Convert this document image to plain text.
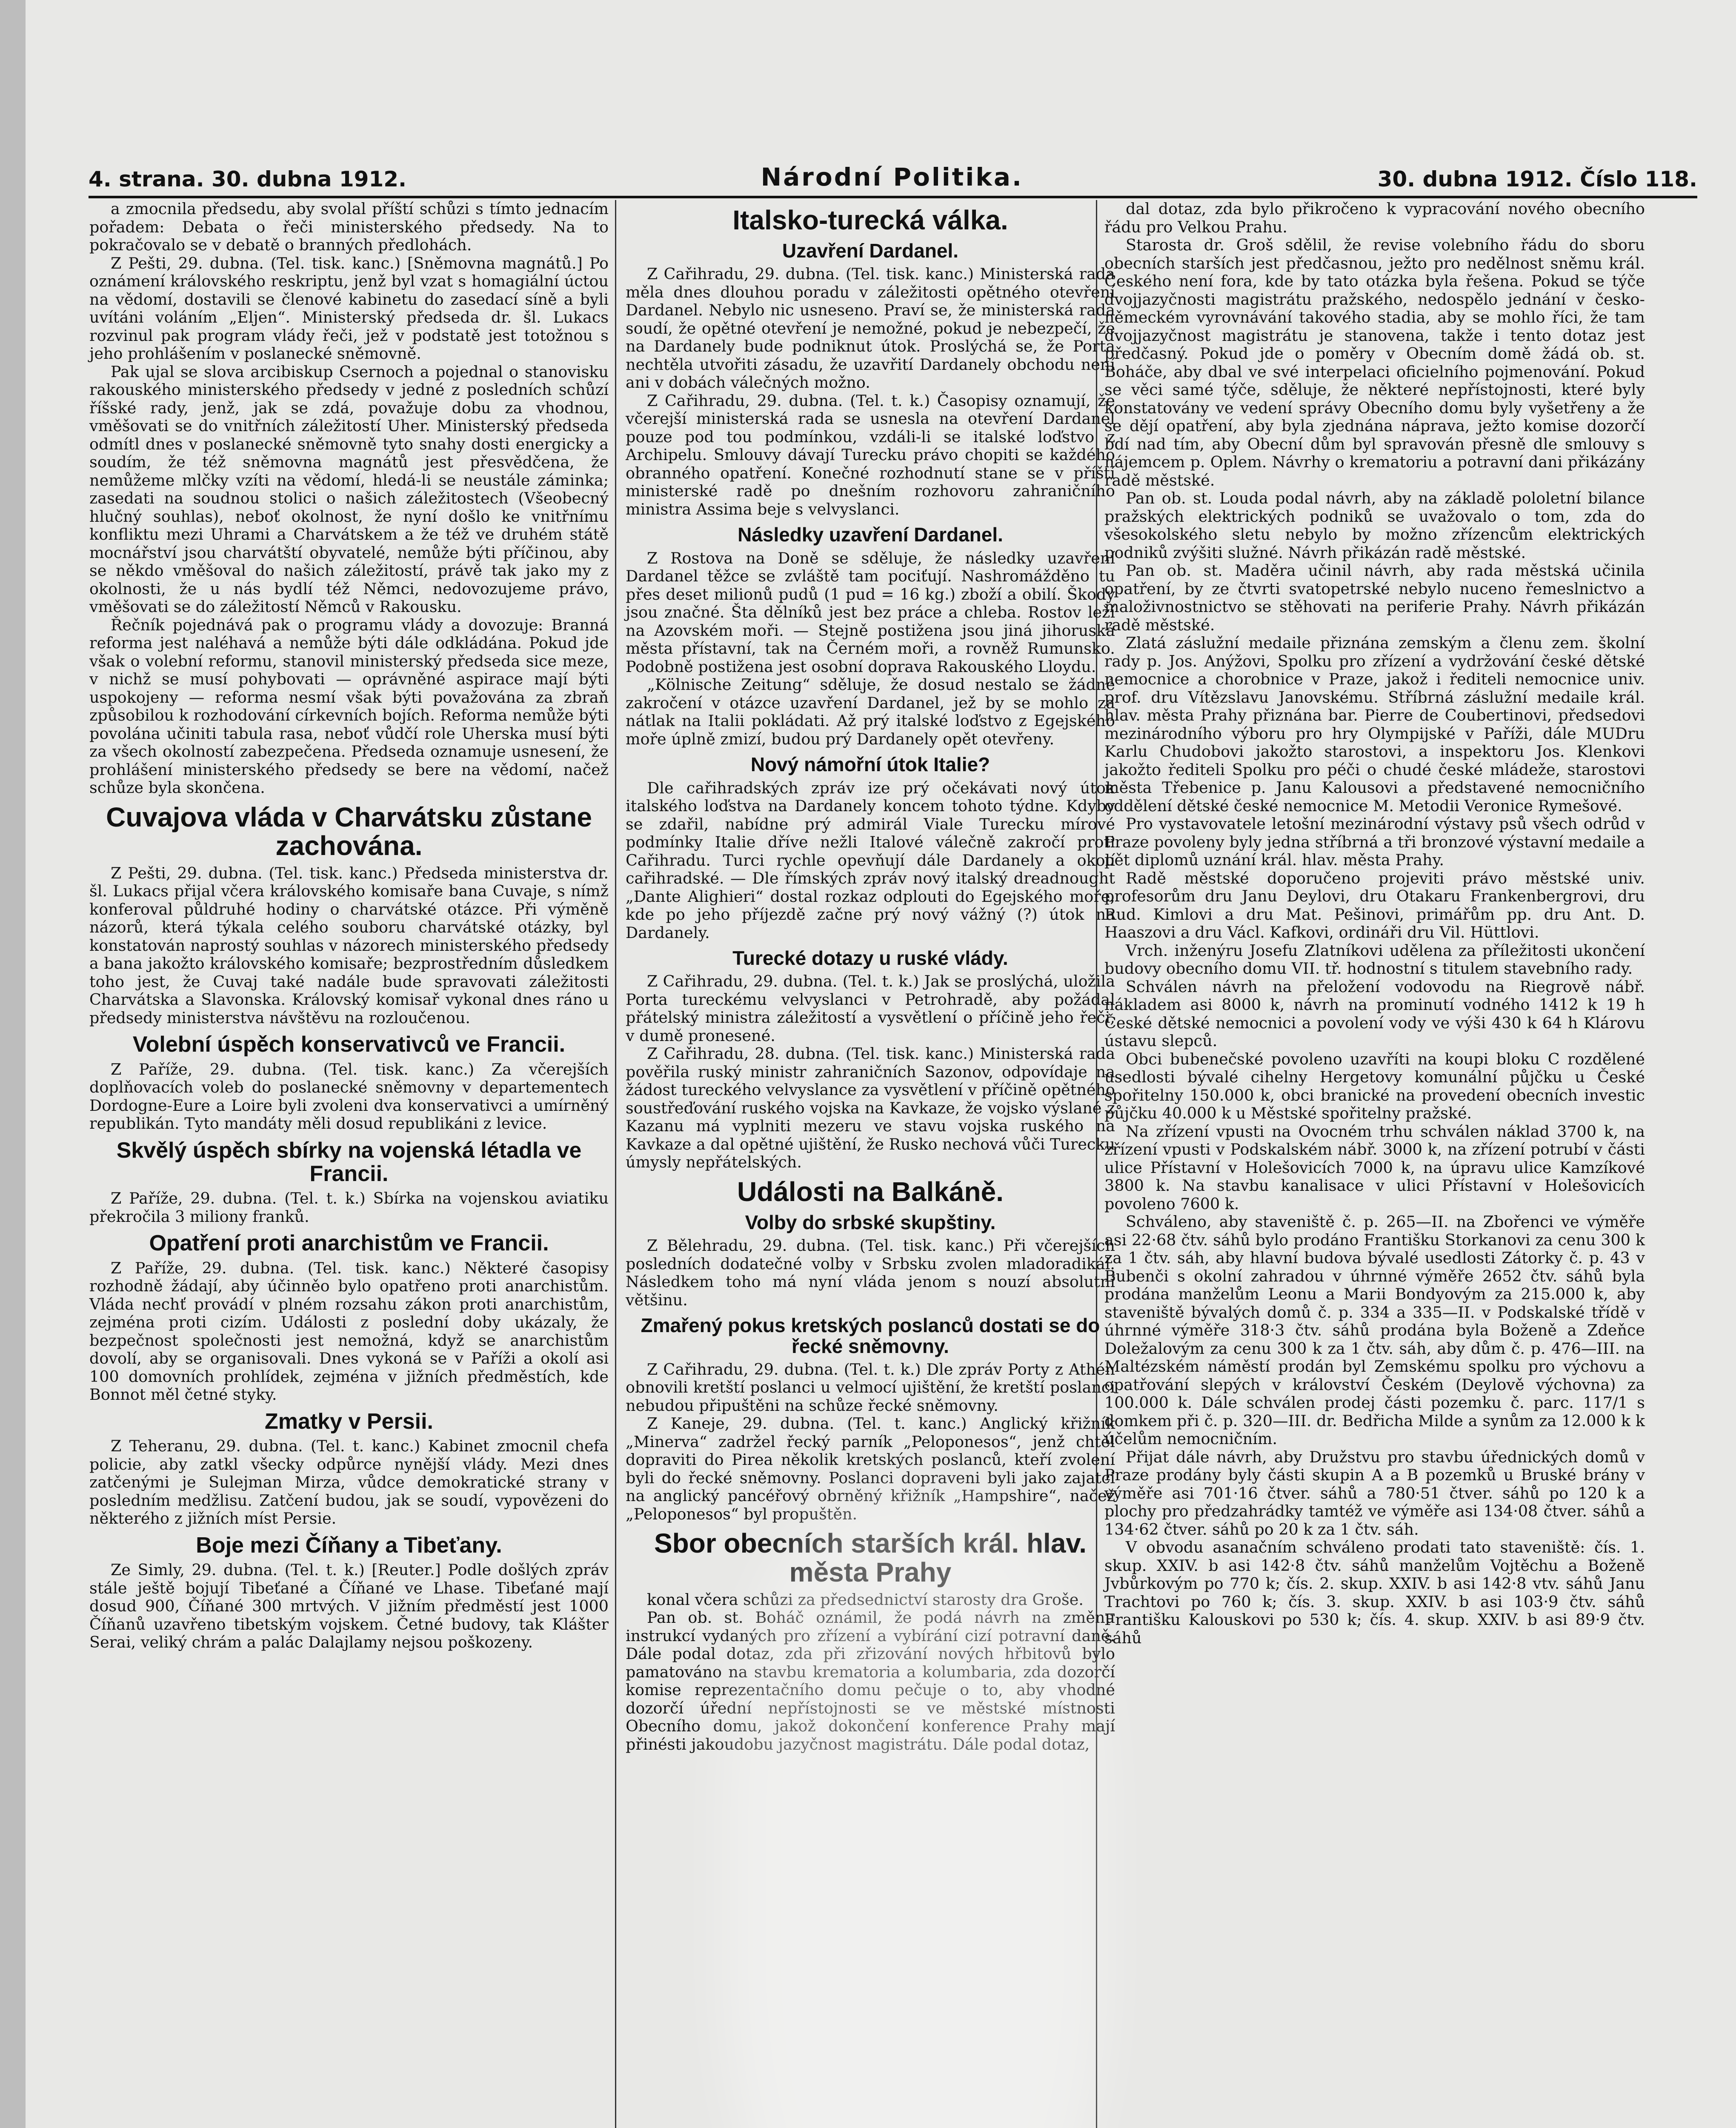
4. strana. 30. dubna 1912.	Národní Politika.	30. dubna 1912. Číslo 118.

a zmocnila předsedu, aby svolal příští schůzi s tímto jednacím pořadem: Debata o řeči ministerského předsedy. Na to pokračovalo se v debatě o branných předlohách.

Z Pešti, 29. dubna. (Tel. tisk. kanc.) [Sněmovna magnátů.] Po oznámení královského reskriptu, jenž byl vzat s homagiální úctou na vědomí, dostavili se členové kabinetu do zasedací síně a byli uvítáni voláním „Eljen“. Ministerský předseda dr. šl. Lukacs rozvinul pak program vlády řeči, jež v podstatě jest totožnou s jeho prohlášením v poslanecké sněmovně.

Pak ujal se slova arcibiskup Csernoch a pojednal o stanovisku rakouského ministerského předsedy v jedné z posledních schůzí říšské rady, jenž, jak se zdá, považuje dobu za vhodnou, vměšovati se do vnitřních záležitostí Uher. Ministerský předseda odmítl dnes v poslanecké sněmovně tyto snahy dosti energicky a soudím, že též sněmovna magnátů jest přesvědčena, že nemůžeme mlčky vzíti na vědomí, hledá-li se neustále záminka; zasedati na soudnou stolici o našich záležitostech (Všeobecný hlučný souhlas), neboť okolnost, že nyní došlo ke vnitřnímu konfliktu mezi Uhrami a Charvátskem a že též ve druhém státě mocnářství jsou charvátští obyvatelé, nemůže býti příčinou, aby se někdo vměšoval do našich záležitostí, právě tak jako my z okolnosti, že u nás bydlí též Němci, nedovozujeme právo, vměšovati se do záležitostí Němců v Rakousku.

Řečník pojednává pak o programu vlády a dovozuje: Branná reforma jest naléhavá a nemůže býti dále odkládána. Pokud jde však o volební reformu, stanovil ministerský předseda sice meze, v nichž se musí pohybovati — oprávněné aspirace mají býti uspokojeny — reforma nesmí však býti považována za zbraň způsobilou k rozhodování církevních bojích. Reforma nemůže býti povolána učiniti tabula rasa, neboť vůdčí role Uherska musí býti za všech okolností zabezpečena. Předseda oznamuje usnesení, že prohlášení ministerského předsedy se bere na vědomí, načež schůze byla skončena.

Cuvajova vláda v Charvátsku zůstane zachována.

Z Pešti, 29. dubna. (Tel. tisk. kanc.) Předseda ministerstva dr. šl. Lukacs přijal včera královského komisaře bana Cuvaje, s nímž konferoval půldruhé hodiny o charvátské otázce. Při výměně názorů, která týkala celého souboru charvátské otázky, byl konstatován naprostý souhlas v názorech ministerského předsedy a bana jakožto královského komisaře; bezprostředním důsledkem toho jest, že Cuvaj také nadále bude spravovati záležitosti Charvátska a Slavonska. Královský komisař vykonal dnes ráno u předsedy ministerstva návštěvu na rozloučenou.

Volební úspěch konservativců ve Francii.

Z Paříže, 29. dubna. (Tel. tisk. kanc.) Za včerejších doplňovacích voleb do poslanecké sněmovny v departementech Dordogne-Eure a Loire byli zvoleni dva konservativci a umírněný republikán. Tyto mandáty měli dosud republikáni z levice.

Skvělý úspěch sbírky na vojenská létadla ve Francii.

Z Paříže, 29. dubna. (Tel. t. k.) Sbírka na vojenskou aviatiku překročila 3 miliony franků.

Opatření proti anarchistům ve Francii.

Z Paříže, 29. dubna. (Tel. tisk. kanc.) Některé časopisy rozhodně žádají, aby účinněo bylo opatřeno proti anarchistům. Vláda nechť provádí v plném rozsahu zákon proti anarchistům, zejména proti cizím. Události z poslední doby ukázaly, že bezpečnost společnosti jest nemožná, když se anarchistům dovolí, aby se organisovali. Dnes vykoná se v Paříži a okolí asi 100 domovních prohlídek, zejména v jižních předměstích, kde Bonnot měl četné styky.

Zmatky v Persii.

Z Teheranu, 29. dubna. (Tel. t. kanc.) Kabinet zmocnil chefa policie, aby zatkl všecky odpůrce nynější vlády. Mezi dnes zatčenými je Sulejman Mirza, vůdce demokratické strany v posledním medžlisu. Zatčení budou, jak se soudí, vypovězeni do některého z jižních míst Persie.

Boje mezi Číňany a Tibeťany.

Ze Simly, 29. dubna. (Tel. t. k.) [Reuter.] Podle došlých zpráv stále ještě bojují Tibeťané a Číňané ve Lhase. Tibeťané mají dosud 900, Číňané 300 mrtvých. V jižním předměstí jest 1000 Číňanů uzavřeno tibetským vojskem. Četné budovy, tak Klášter Serai, veliký chrám a palác Dalajlamy nejsou poškozeny.

Italsko-turecká válka.
Uzavření Dardanel.

Z Cařihradu, 29. dubna. (Tel. tisk. kanc.) Ministerská rada měla dnes dlouhou poradu v záležitosti opětného otevření Dardanel. Nebylo nic usneseno. Praví se, že ministerská rada soudí, že opětné otevření je nemožné, pokud je nebezpečí, že na Dardanely bude podniknut útok. Proslýchá se, že Porta nechtěla utvořiti zásadu, že uzavřití Dardanely obchodu není ani v dobách válečných možno.

Z Cařihradu, 29. dubna. (Tel. t. k.) Časopisy oznamují, že včerejší ministerská rada se usnesla na otevření Dardanel pouze pod tou podmínkou, vzdáli-li se italské loďstvo z Archipelu. Smlouvy dávají Turecku právo chopiti se každého obranného opatření. Konečné rozhodnutí stane se v příští ministerské radě po dnešním rozhovoru zahraničního ministra Assima beje s velvyslanci.

Následky uzavření Dardanel.

Z Rostova na Doně se sděluje, že následky uzavření Dardanel těžce se zvláště tam pociťují. Nashromážděno tu přes deset milionů pudů (1 pud = 16 kg.) zboží a obilí. Škody jsou značné. Šta dělníků jest bez práce a chleba. Rostov leží na Azovském moři. — Stejně postižena jsou jiná jihoruská města přístavní, tak na Černém moři, a rovněž Rumunsko. Podobně postižena jest osobní doprava Rakouského Lloydu.

„Kölnische Zeitung“ sděluje, že dosud nestalo se žádné zakročení v otázce uzavření Dardanel, jež by se mohlo za nátlak na Italii pokládati. Až prý italské loďstvo z Egejského moře úplně zmizí, budou prý Dardanely opět otevřeny.

Nový námořní útok Italie?

Dle cařihradských zpráv ize prý očekávati nový útok italského loďstva na Dardanely koncem tohoto týdne. Kdyby se zdařil, nabídne prý admirál Viale Turecku mírové podmínky Italie dříve nežli Italové válečně zakročí proti Cařihradu. Turci rychle opevňují dále Dardanely a okolí cařihradské. — Dle římských zpráv nový italský dreadnought „Dante Alighieri“ dostal rozkaz odplouti do Egejského moře, kde po jeho příjezdě začne prý nový vážný (?) útok na Dardanely.

Turecké dotazy u ruské vlády.

Z Cařihradu, 29. dubna. (Tel. t. k.) Jak se proslýchá, uložila Porta tureckému velvyslanci v Petrohradě, aby požádal přátelský ministra záležitostí a vysvětlení o příčině jeho řeči, v dumě pronesené.

Z Cařihradu, 28. dubna. (Tel. tisk. kanc.) Ministerská rada pověřila ruský ministr zahraničních Sazonov, odpovídaje na žádost tureckého velvyslance za vysvětlení v příčině opětného soustřeďování ruského vojska na Kavkaze, že vojsko výslané z Kazanu má vyplniti mezeru ve stavu vojska ruského na Kavkaze a dal opětné ujištění, že Rusko nechová vůči Turecku úmysly nepřátelských.

Události na Balkáně.
Volby do srbské skupštiny.

Z Bělehradu, 29. dubna. (Tel. tisk. kanc.) Při včerejších posledních dodatečné volby v Srbsku zvolen mladoradikál. Následkem toho má nyní vláda jenom s nouzí absolutní většinu.

Zmařený pokus kretských poslanců dostati se do řecké sněmovny.

Z Cařihradu, 29. dubna. (Tel. t. k.) Dle zpráv Porty z Athén obnovili kretští poslanci u velmocí ujištění, že kretští poslanci nebudou připuštěni na schůze řecké sněmovny.

Z Kaneje, 29. dubna. (Tel. t. kanc.) Anglický křižník „Minerva“ zadržel řecký parník „Peloponesos“, jenž chtěl dopraviti do Pirea několik kretských poslanců, kteří zvolení byli do řecké sněmovny. Poslanci dopraveni byli jako zajatci na anglický pancéřový obrněný křižník „Hampshire“, načež „Peloponesos“ byl propuštěn.

Sbor obecních starších král. hlav. města Prahy

konal včera schůzi za předsednictví starosty dra Groše.

Pan ob. st. Boháč oznámil, že podá návrh na změnu instrukcí vydaných pro zřízení a vybírání cizí potravní daně. Dále podal dotaz, zda při zřizování nových hřbitovů bylo pamatováno na stavbu krematoria a kolumbaria, zda dozorčí komise reprezentačního domu pečuje o to, aby vhodné dozorčí úřední nepřístojnosti se ve městské místnosti Obecního domu, jakož dokončení konference Prahy mají přinésti jakoudobu jazyčnost magistrátu. Dále podal dotaz,

dal dotaz, zda bylo přikročeno k vypracování nového obecního řádu pro Velkou Prahu.

Starosta dr. Groš sdělil, že revise volebního řádu do sboru obecních starších jest předčasnou, ježto pro nedělnost sněmu král. Českého není fora, kde by tato otázka byla řešena. Pokud se týče dvojjazyčnosti magistrátu pražského, nedospělo jednání v česko-německém vyrovnávání takového stadia, aby se mohlo říci, že tam dvojjazyčnost magistrátu je stanovena, takže i tento dotaz jest předčasný. Pokud jde o poměry v Obecním domě žádá ob. st. Boháče, aby dbal ve své interpelaci oficielního pojmenování. Pokud se věci samé týče, sděluje, že některé nepřístojnosti, které byly konstatovány ve vedení správy Obecního domu byly vyšetřeny a že se dějí opatření, aby byla zjednána náprava, ježto komise dozorčí bdí nad tím, aby Obecní dům byl spravován přesně dle smlouvy s nájemcem p. Oplem. Návrhy o krematoriu a potravní dani přikázány radě městské.

Pan ob. st. Louda podal návrh, aby na základě pololetní bilance pražských elektrických podniků se uvažovalo o tom, zda do všesokolského sletu nebylo by možno zřízencům elektrických podniků zvýšiti služné. Návrh přikázán radě městské.

Pan ob. st. Maděra učinil návrh, aby rada městská učinila opatření, by ze čtvrti svatopetrské nebylo nuceno řemeslnictvo a maloživnostnictvo se stěhovati na periferie Prahy. Návrh přikázán radě městské.

Zlatá záslužní medaile přiznána zemským a členu zem. školní rady p. Jos. Anýžovi, Spolku pro zřízení a vydržování české dětské nemocnice a chorobnice v Praze, jakož i řediteli nemocnice univ. prof. dru Vítězslavu Janovskému. Stříbrná záslužní medaile král. hlav. města Prahy přiznána bar. Pierre de Coubertinovi, předsedovi mezinárodního výboru pro hry Olympijské v Paříži, dále MUDru Karlu Chudobovi jakožto starostovi, a inspektoru Jos. Klenkovi jakožto řediteli Spolku pro péči o chudé české mládeže, starostovi města Třebenice p. Janu Kalousovi a představené nemocničního oddělení dětské české nemocnice M. Metodii Veronice Rymešové.

Pro vystavovatele letošní mezinárodní výstavy psů všech odrůd v Praze povoleny byly jedna stříbrná a tři bronzové výstavní medaile a pět diplomů uznání král. hlav. města Prahy.

Radě městské doporučeno projeviti právo městské univ. profesorům dru Janu Deylovi, dru Otakaru Frankenbergrovi, dru Rud. Kimlovi a dru Mat. Pešinovi, primářům pp. dru Ant. D. Haaszovi a dru Václ. Kafkovi, ordináři dru Vil. Hüttlovi.

Vrch. inženýru Josefu Zlatníkovi udělena za příležitosti ukončení budovy obecního domu VII. tř. hodnostní s titulem stavebního rady.

Schválen návrh na přeložení vodovodu na Riegrově nábř. nákladem asi 8000 k, návrh na prominutí vodného 1412 k 19 h České dětské nemocnici a povolení vody ve výši 430 k 64 h Klárovu ústavu slepců.

Obci bubenečské povoleno uzavříti na koupi bloku C rozdělené usedlosti bývalé cihelny Hergetovy komunální půjčku u České spořitelny 150.000 k, obci branické na provedení obecních investic půjčku 40.000 k u Městské spořitelny pražské.

Na zřízení vpusti na Ovocném trhu schválen náklad 3700 k, na zřízení vpusti v Podskalském nábř. 3000 k, na zřízení potrubí v části ulice Přístavní v Holešovicích 7000 k, na úpravu ulice Kamzíkové 3800 k. Na stavbu kanalisace v ulici Přístavní v Holešovicích povoleno 7600 k.

Schváleno, aby staveniště č. p. 265—II. na Zbořenci ve výměře asi 22·68 čtv. sáhů bylo prodáno Františku Storkanovi za cenu 300 k za 1 čtv. sáh, aby hlavní budova bývalé usedlosti Zátorky č. p. 43 v Bubenči s okolní zahradou v úhrnné výměře 2652 čtv. sáhů byla prodána manželům Leonu a Marii Bondyovým za 215.000 k, aby staveniště bývalých domů č. p. 334 a 335—II. v Podskalské třídě v úhrnné výměře 318·3 čtv. sáhů prodána byla Boženě a Zdeňce Doležalovým za cenu 300 k za 1 čtv. sáh, aby dům č. p. 476—III. na Maltézském náměstí prodán byl Zemskému spolku pro výchovu a opatřování slepých v království Českém (Deylově výchovna) za 100.000 k. Dále schválen prodej části pozemku č. parc. 117/1 s domkem při č. p. 320—III. dr. Bedřicha Milde a synům za 12.000 k k účelům nemocničním.

Přijat dále návrh, aby Družstvu pro stavbu úřednických domů v Praze prodány byly části skupin A a B pozemků u Bruské brány v výměře asi 701·16 čtver. sáhů a 780·51 čtver. sáhů po 120 k a plochy pro předzahrádky tamtéž ve výměře asi 134·08 čtver. sáhů a 134·62 čtver. sáhů po 20 k za 1 čtv. sáh.

V obvodu asanačním schváleno prodati tato staveniště: čís. 1. skup. XXIV. b asi 142·8 čtv. sáhů manželům Vojtěchu a Boženě Jvbůrkovým po 770 k; čís. 2. skup. XXIV. b asi 142·8 vtv. sáhů Janu Trachtovi po 760 k; čís. 3. skup. XXIV. b asi 103·9 čtv. sáhů Františku Kalouskovi po 530 k; čís. 4. skup. XXIV. b asi 89·9 čtv. sáhů
